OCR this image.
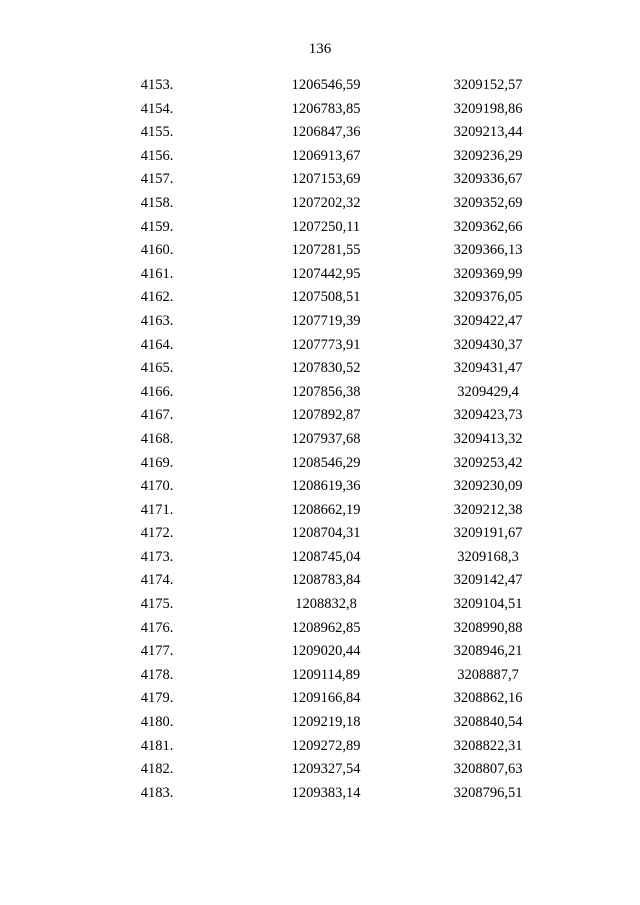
136
4153.	1206546,59	3209152,57
4154.	1206783,85	3209198,86
4155.	1206847,36	3209213,44
4156.	1206913,67	3209236,29
4157.	1207153,69	3209336,67
4158.	1207202,32	3209352,69
4159.	1207250,11	3209362,66
4160.	1207281,55	3209366,13
4161.	1207442,95	3209369,99
4162.	1207508,51	3209376,05
4163.	1207719,39	3209422,47
4164.	1207773,91	3209430,37
4165.	1207830,52	3209431,47
4166.	1207856,38	3209429,4
4167.	1207892,87	3209423,73
4168.	1207937,68	3209413,32
4169.	1208546,29	3209253,42
4170.	1208619,36	3209230,09
4171.	1208662,19	3209212,38
4172.	1208704,31	3209191,67
4173.	1208745,04	3209168,3
4174.	1208783,84	3209142,47
4175.	1208832,8	3209104,51
4176.	1208962,85	3208990,88
4177.	1209020,44	3208946,21
4178.	1209114,89	3208887,7
4179.	1209166,84	3208862,16
4180.	1209219,18	3208840,54
4181.	1209272,89	3208822,31
4182.	1209327,54	3208807,63
4183.	1209383,14	3208796,51
